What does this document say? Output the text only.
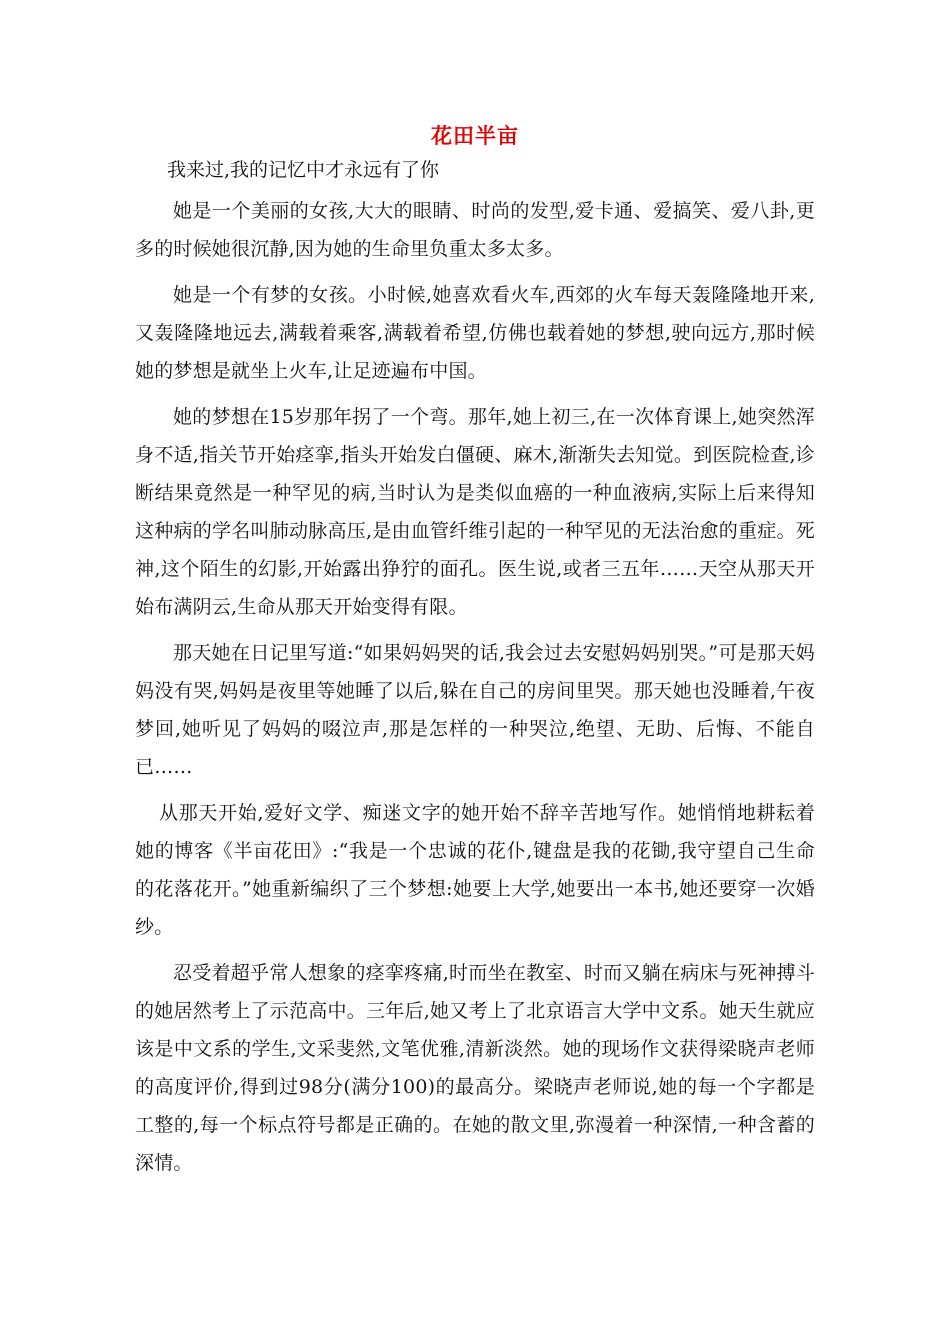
花田半亩

我来过,我的记忆中才永远有了你

她是一个美丽的女孩,大大的眼睛、时尚的发型,爱卡通、爱搞笑、爱八卦,更多的时候她很沉静,因为她的生命里负重太多太多。

她是一个有梦的女孩。小时候,她喜欢看火车,西郊的火车每天轰隆隆地开来,又轰隆隆地远去,满载着乘客,满载着希望,仿佛也载着她的梦想,驶向远方,那时候她的梦想是就坐上火车,让足迹遍布中国。

她的梦想在15岁那年拐了一个弯。那年,她上初三,在一次体育课上,她突然浑身不适,指关节开始痉挛,指头开始发白僵硬、麻木,渐渐失去知觉。到医院检查,诊断结果竟然是一种罕见的病,当时认为是类似血癌的一种血液病,实际上后来得知这种病的学名叫肺动脉高压,是由血管纤维引起的一种罕见的无法治愈的重症。死神,这个陌生的幻影,开始露出狰狞的面孔。医生说,或者三五年……天空从那天开始布满阴云,生命从那天开始变得有限。

那天她在日记里写道:“如果妈妈哭的话,我会过去安慰妈妈别哭。”可是那天妈妈没有哭,妈妈是夜里等她睡了以后,躲在自己的房间里哭。那天她也没睡着,午夜梦回,她听见了妈妈的啜泣声,那是怎样的一种哭泣,绝望、无助、后悔、不能自已……

从那天开始,爱好文学、痴迷文字的她开始不辞辛苦地写作。她悄悄地耕耘着她的博客《半亩花田》:“我是一个忠诚的花仆,键盘是我的花锄,我守望自己生命的花落花开。”她重新编织了三个梦想:她要上大学,她要出一本书,她还要穿一次婚纱。

忍受着超乎常人想象的痉挛疼痛,时而坐在教室、时而又躺在病床与死神搏斗的她居然考上了示范高中。三年后,她又考上了北京语言大学中文系。她天生就应该是中文系的学生,文采斐然,文笔优雅,清新淡然。她的现场作文获得梁晓声老师的高度评价,得到过98分(满分100)的最高分。梁晓声老师说,她的每一个字都是工整的,每一个标点符号都是正确的。在她的散文里,弥漫着一种深情,一种含蓄的深情。
